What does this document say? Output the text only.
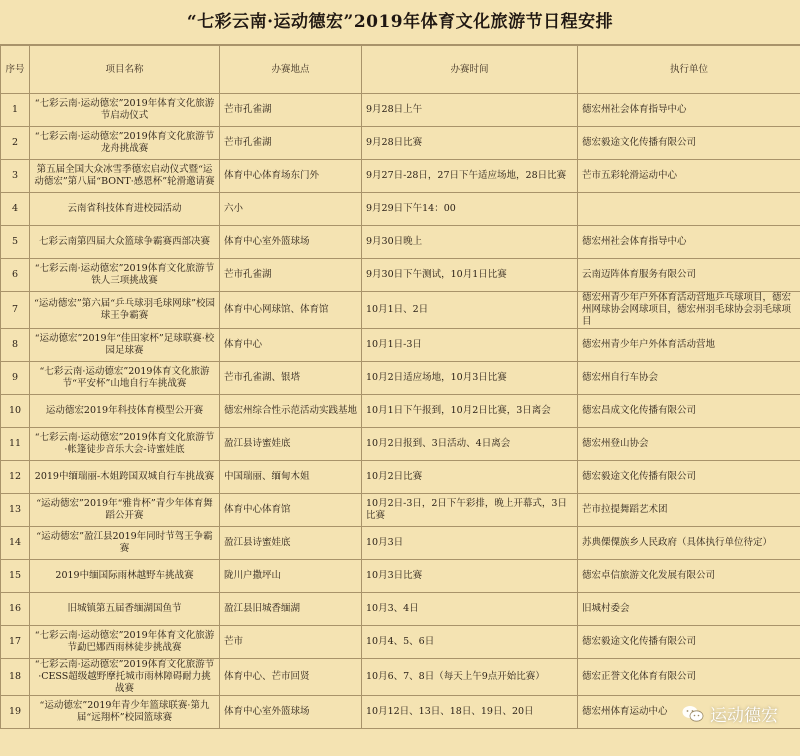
“七彩云南·运动德宏”2019年体育文化旅游节日程安排
序号	项目名称	办赛地点	办赛时间	执行单位
1	“七彩云南·运动德宏”2019年体育文化旅游节启动仪式	芒市孔雀湖	9月28日上午	德宏州社会体育指导中心
2	“七彩云南·运动德宏”2019体育文化旅游节龙舟挑战赛	芒市孔雀湖	9月28日比赛	德宏毅途文化传播有限公司
3	第五届全国大众冰雪季德宏启动仪式暨“运动德宏”第八届“BONT·感恩杯”轮滑邀请赛	体育中心体育场东门外	9月27日-28日，27日下午适应场地，28日比赛	芒市五彩轮滑运动中心
4	云南省科技体育进校园活动	六小	9月29日下午14：00	
5	七彩云南第四届大众篮球争霸赛西部决赛	体育中心室外篮球场	9月30日晚上	德宏州社会体育指导中心
6	“七彩云南·运动德宏”2019体育文化旅游节铁人三项挑战赛	芒市孔雀湖	9月30日下午测试，10月1日比赛	云南迈阵体育服务有限公司
7	“运动德宏”第六届“乒乓球羽毛球网球”校园球王争霸赛	体育中心网球馆、体育馆	10月1日、2日	德宏州青少年户外体育活动营地乒乓球项目，德宏州网球协会网球项目，德宏州羽毛球协会羽毛球项目
8	“运动德宏”2019年“佳田家杯”足球联赛·校园足球赛	体育中心	10月1日-3日	德宏州青少年户外体育活动营地
9	“七彩云南·运动德宏”2019体育文化旅游节“平安杯”山地自行车挑战赛	芒市孔雀湖、银塔	10月2日适应场地，10月3日比赛	德宏州自行车协会
10	运动德宏2019年科技体育模型公开赛	德宏州综合性示范活动实践基地	10月1日下午报到，10月2日比赛，3日离会	德宏昌成文化传播有限公司
11	“七彩云南·运动德宏”2019体育文化旅游节·帐篷徒步音乐大会-诗蜜娃底	盈江县诗蜜娃底	10月2日报到、3日活动、4日离会	德宏州登山协会
12	2019中缅瑞丽-木姐跨国双城自行车挑战赛	中国瑞丽、缅甸木姐	10月2日比赛	德宏毅途文化传播有限公司
13	“运动德宏”2019年“雅肯杯”青少年体育舞蹈公开赛	体育中心体育馆	10月2日-3日，2日下午彩排，晚上开幕式，3日比赛	芒市拉提舞蹈艺术团
14	“运动德宏”盈江县2019年同时节驾王争霸赛	盈江县诗蜜娃底	10月3日	苏典傈僳族乡人民政府（具体执行单位待定）
15	2019中缅国际雨林越野车挑战赛	陇川户撒坪山	10月3日比赛	德宏卓信旅游文化发展有限公司
16	旧城镇第五届香缅湖国鱼节	盈江县旧城香缅湖	10月3、4日	旧城村委会
17	“七彩云南·运动德宏”2019年体育文化旅游节勐巴娜西雨林徒步挑战赛	芒市	10月4、5、6日	德宏毅途文化传播有限公司
18	“七彩云南·运动德宏”2019体育文化旅游节·CESS超级越野摩托城市雨林障碍耐力挑战赛	体育中心、芒市回贤	10月6、7、8日（每天上午9点开始比赛）	德宏正誉文化体育有限公司
19	“运动德宏”2019年青少年篮球联赛·第九届“远翔杯”校园篮球赛	体育中心室外篮球场	10月12日、13日、18日、19日、20日	德宏州体育运动中心 运动德宏
